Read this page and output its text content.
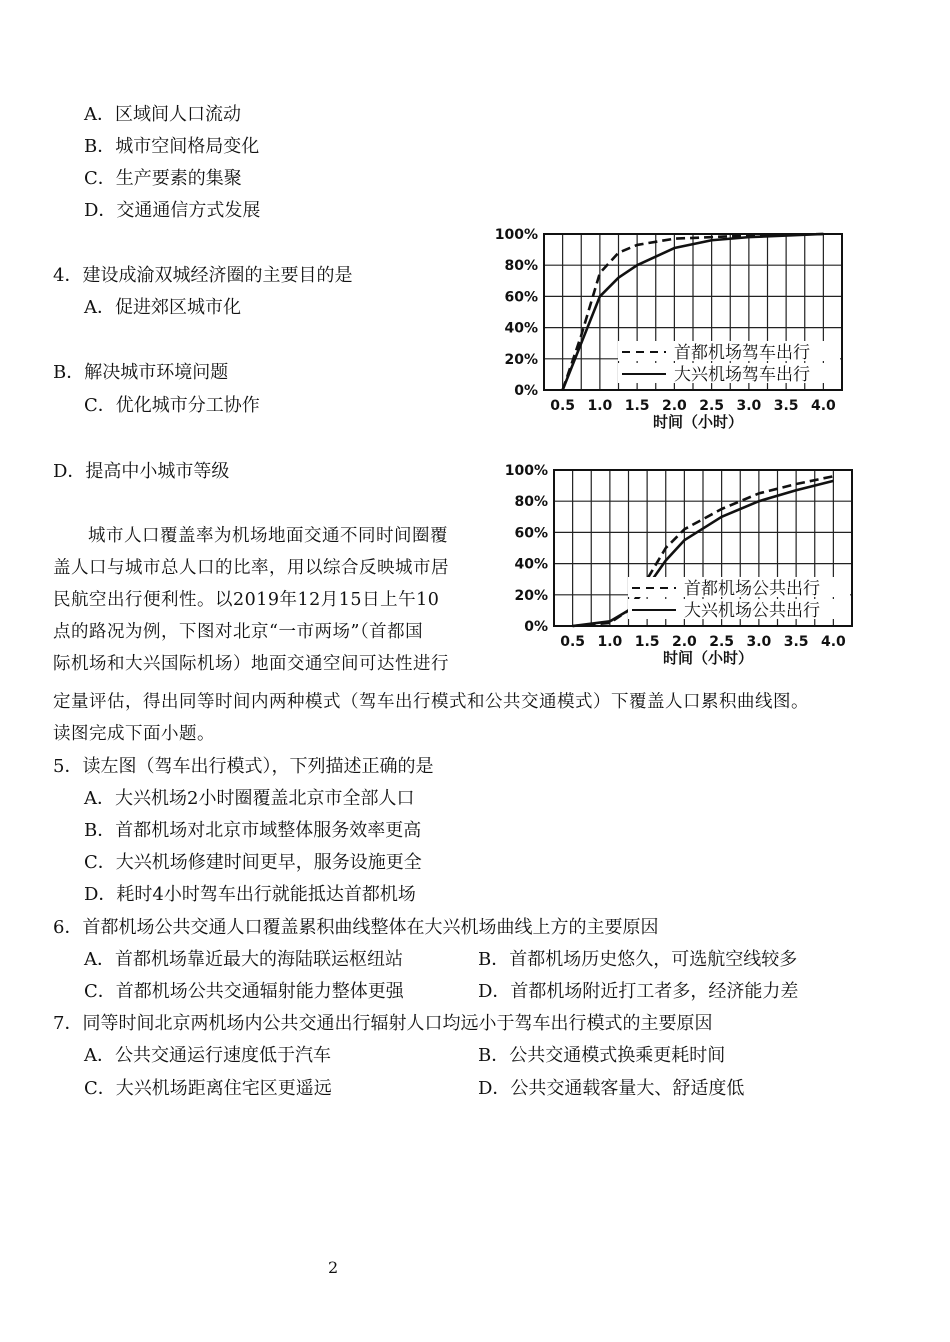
A．区域间人口流动
B．城市空间格局变化
C．生产要素的集聚
D．交通通信方式发展
4．建设成渝双城经济圈的主要目的是
A．促进郊区城市化
B．解决城市环境问题
C．优化城市分工协作
D．提高中小城市等级
城市人口覆盖率为机场地面交通不同时间圈覆
盖人口与城市总人口的比率，用以综合反映城市居
民航空出行便利性。以2019年12月15日上午10
点的路况为例，下图对北京“一市两场”（首都国
际机场和大兴国际机场）地面交通空间可达性进行
定量评估，得出同等时间内两种模式（驾车出行模式和公共交通模式）下覆盖人口累积曲线图。
读图完成下面小题。
5．读左图（驾车出行模式），下列描述正确的是
A．大兴机场2小时圈覆盖北京市全部人口
B．首都机场对北京市域整体服务效率更高
C．大兴机场修建时间更早，服务设施更全
D．耗时4小时驾车出行就能抵达首都机场
6．首都机场公共交通人口覆盖累积曲线整体在大兴机场曲线上方的主要原因
A．首都机场靠近最大的海陆联运枢纽站	B．首都机场历史悠久，可选航空线较多
C．首都机场公共交通辐射能力整体更强	D．首都机场附近打工者多，经济能力差
7．同等时间北京两机场内公共交通出行辐射人口均远小于驾车出行模式的主要原因
A．公共交通运行速度低于汽车	B．公共交通模式换乘更耗时间
C．大兴机场距离住宅区更遥远	D．公共交通载客量大、舒适度低
0%
20%
40%
60%
80%
100%
0.5 1.0 1.5 2.0 2.5 3.0 3.5 4.0
时间（小时）
首都机场驾车出行
大兴机场驾车出行
0%
20%
40%
60%
80%
100%
0.5 1.0 1.5 2.0 2.5 3.0 3.5 4.0
时间（小时）
首都机场公共出行
大兴机场公共出行
2
